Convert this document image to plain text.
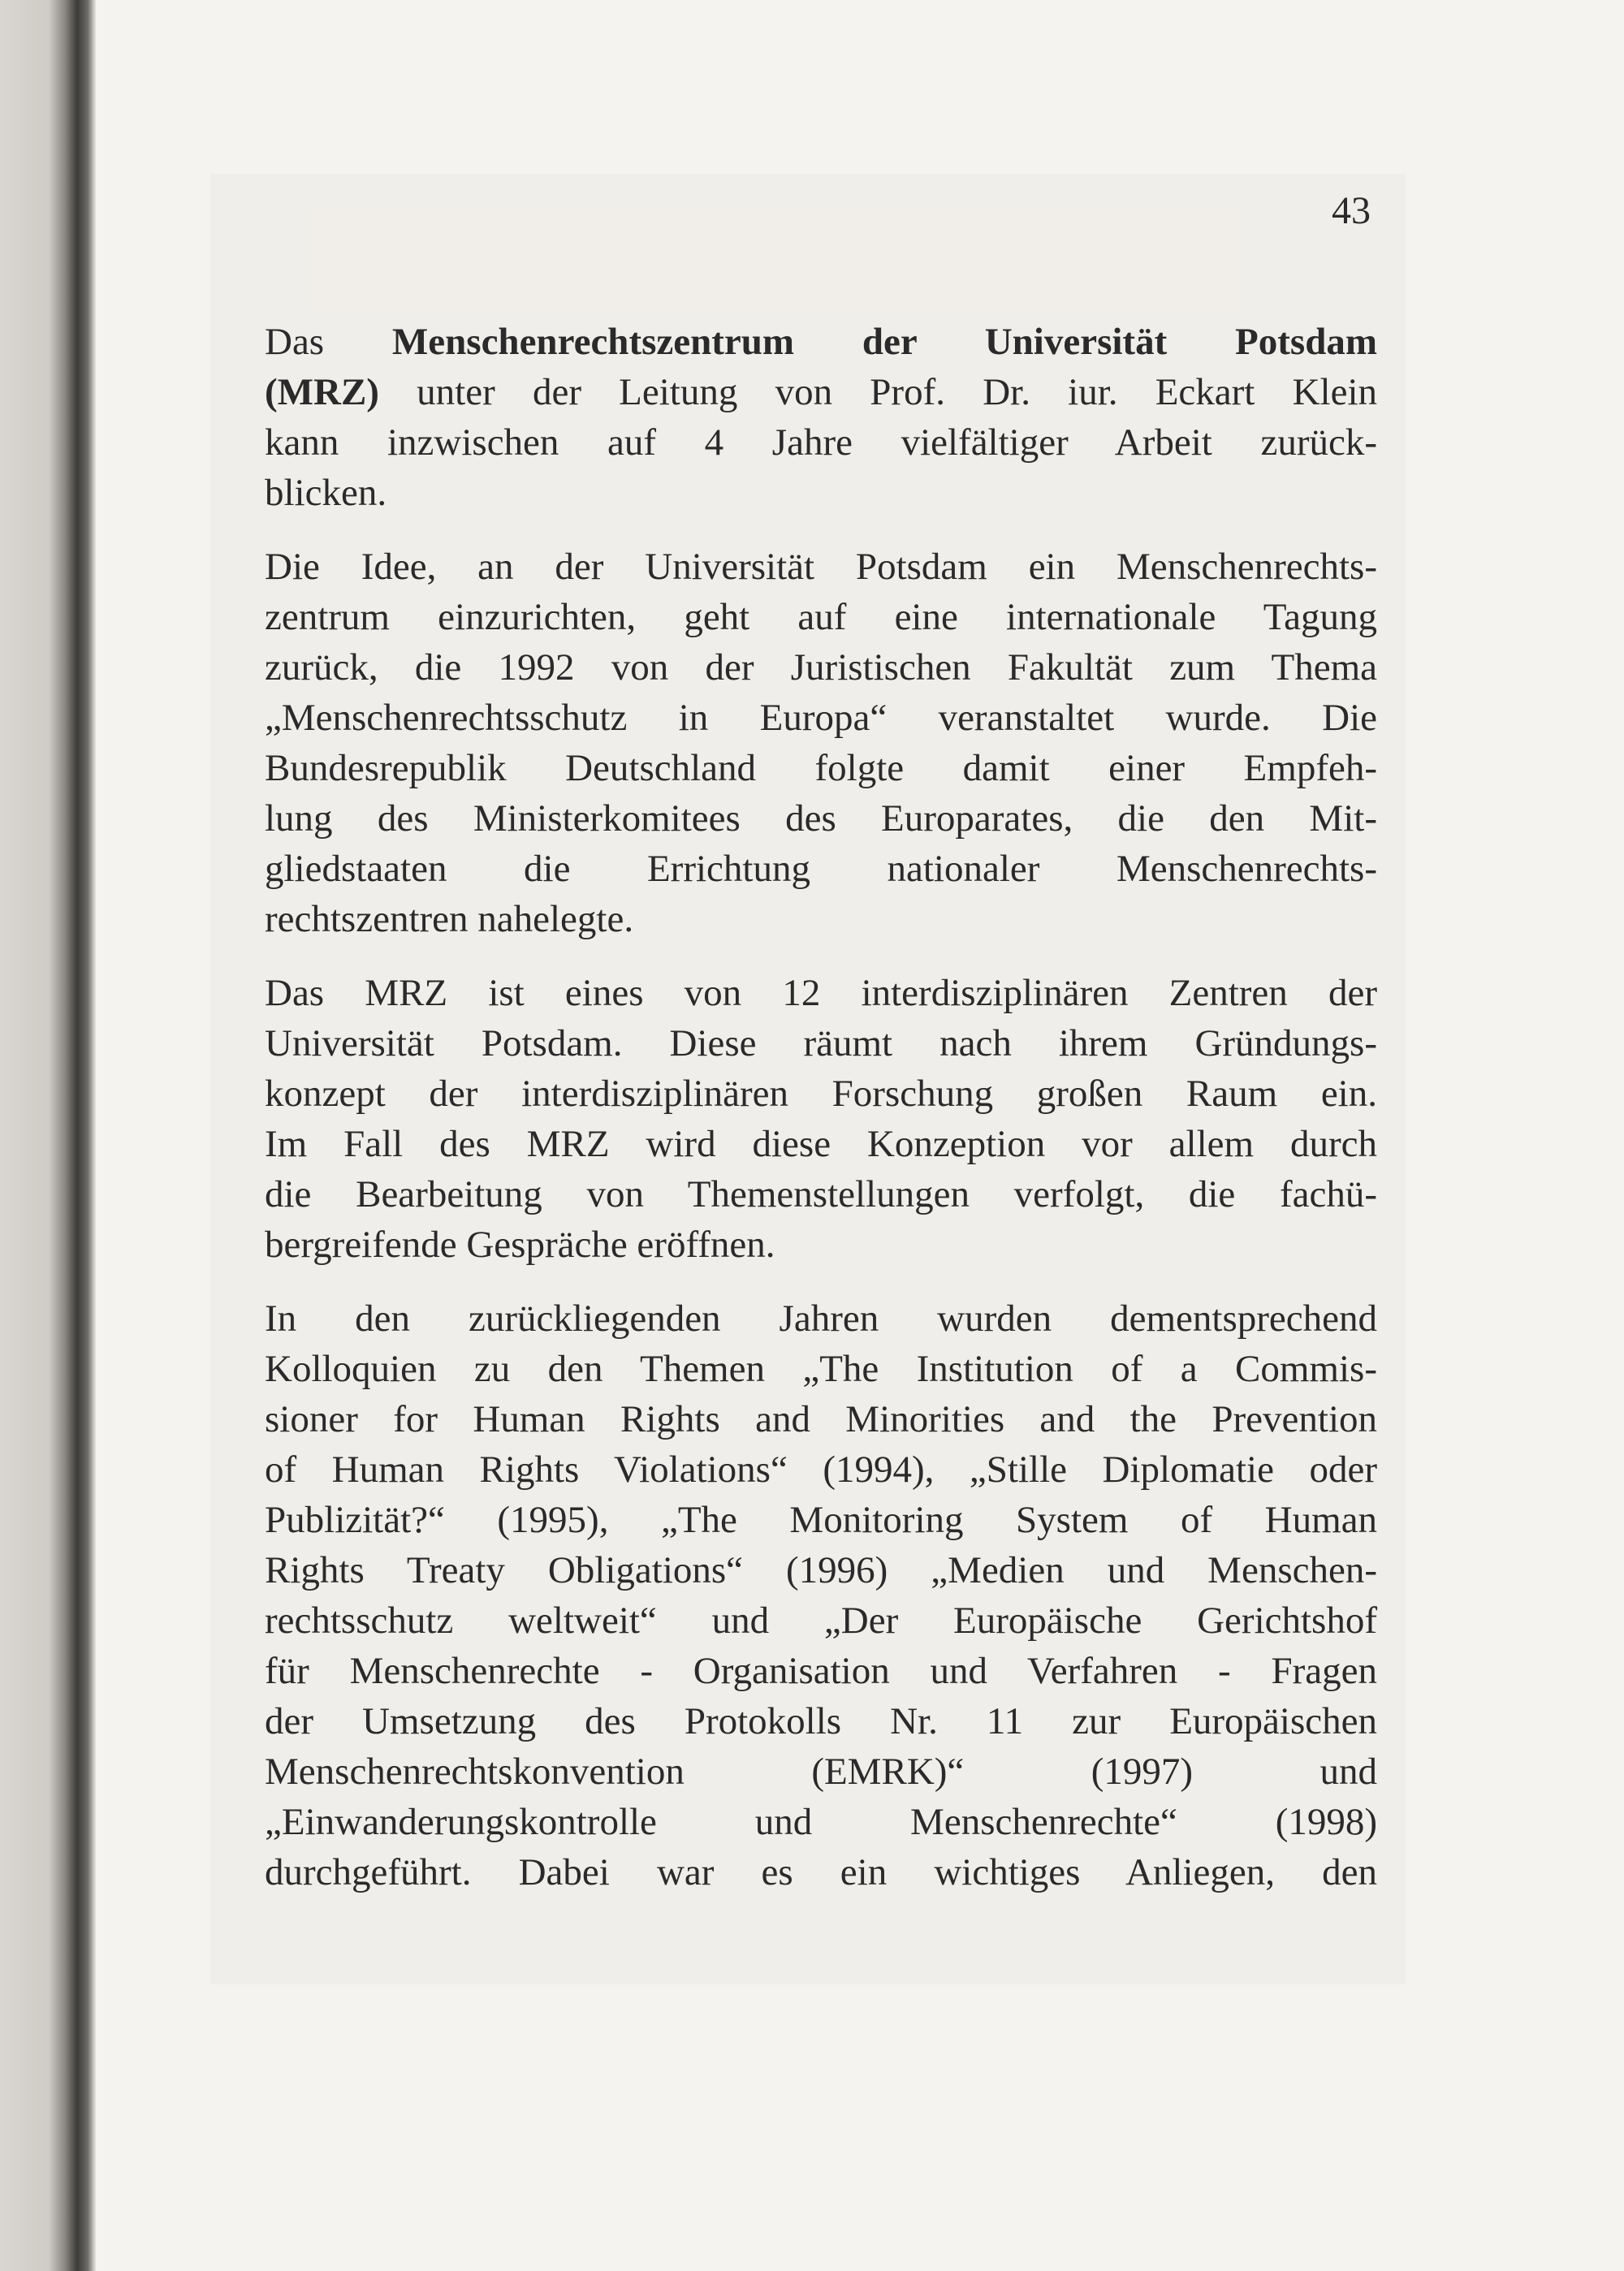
43
Das Menschenrechtszentrum der Universität Potsdam
(MRZ) unter der Leitung von Prof. Dr. iur. Eckart Klein
kann inzwischen auf 4 Jahre vielfältiger Arbeit zurück-
blicken.
Die Idee, an der Universität Potsdam ein Menschenrechts-
zentrum einzurichten, geht auf eine internationale Tagung
zurück, die 1992 von der Juristischen Fakultät zum Thema
„Menschenrechtsschutz in Europa“ veranstaltet wurde. Die
Bundesrepublik Deutschland folgte damit einer Empfeh-
lung des Ministerkomitees des Europarates, die den Mit-
gliedstaaten die Errichtung nationaler Menschenrechts-
rechtszentren nahelegte.
Das MRZ ist eines von 12 interdisziplinären Zentren der
Universität Potsdam. Diese räumt nach ihrem Gründungs-
konzept der interdisziplinären Forschung großen Raum ein.
Im Fall des MRZ wird diese Konzeption vor allem durch
die Bearbeitung von Themenstellungen verfolgt, die fachü-
bergreifende Gespräche eröffnen.
In den zurückliegenden Jahren wurden dementsprechend
Kolloquien zu den Themen „The Institution of a Commis-
sioner for Human Rights and Minorities and the Prevention
of Human Rights Violations“ (1994), „Stille Diplomatie oder
Publizität?“ (1995), „The Monitoring System of Human
Rights Treaty Obligations“ (1996) „Medien und Menschen-
rechtsschutz weltweit“ und „Der Europäische Gerichtshof
für Menschenrechte - Organisation und Verfahren - Fragen
der Umsetzung des Protokolls Nr. 11 zur Europäischen
Menschenrechtskonvention (EMRK)“ (1997) und
„Einwanderungskontrolle und Menschenrechte“ (1998)
durchgeführt. Dabei war es ein wichtiges Anliegen, den
